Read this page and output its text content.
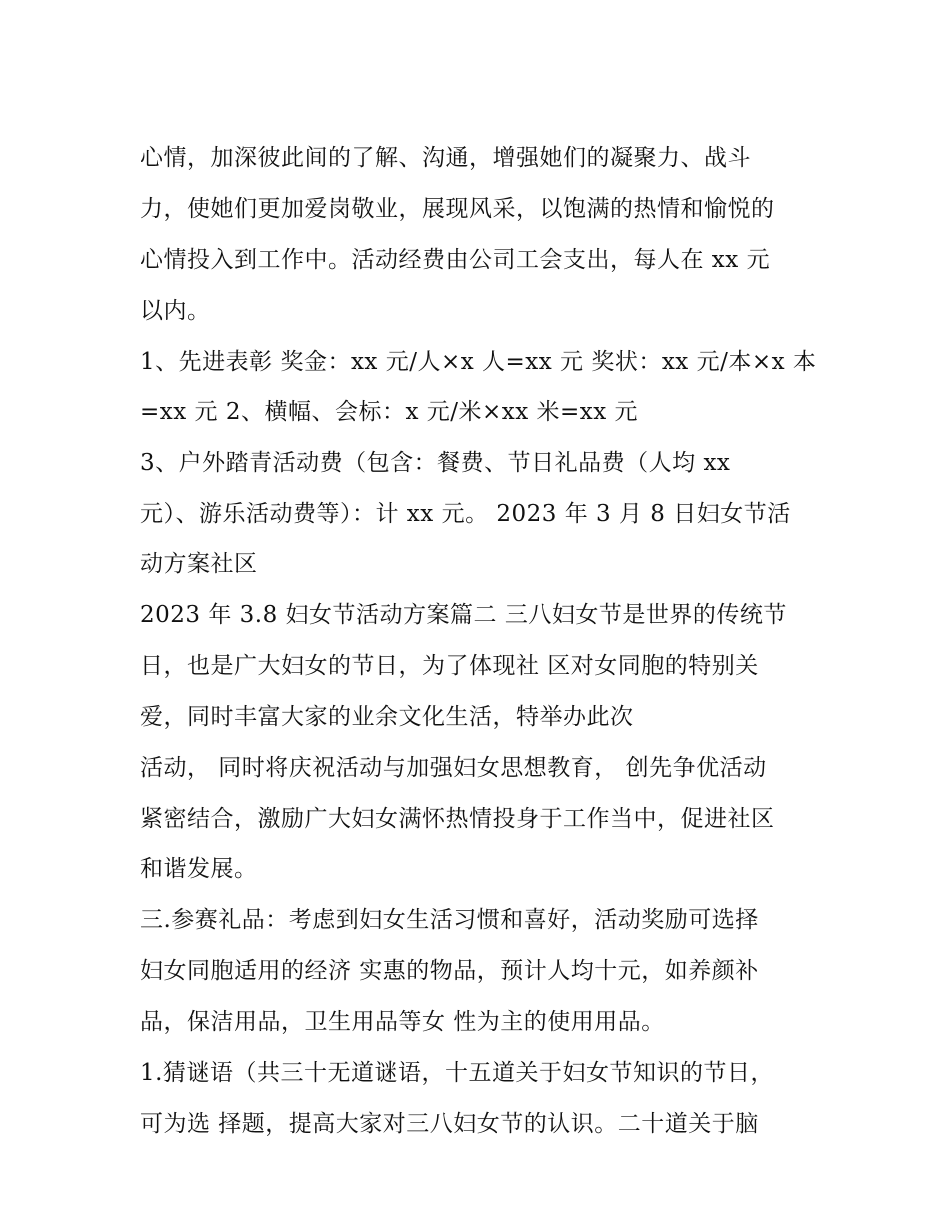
心情，加深彼此间的了解、沟通，增强她们的凝聚力、战斗
力，使她们更加爱岗敬业，展现风采，以饱满的热情和愉悦的
心情投入到工作中。活动经费由公司工会支出，每人在 xx 元
以内。
1、先进表彰 奖金：xx 元/人×x 人=xx 元 奖状：xx 元/本×x 本
=xx 元 2、横幅、会标：x 元/米×xx 米=xx 元
3、户外踏青活动费（包含：餐费、节日礼品费（人均 xx
元）、游乐活动费等）：计 xx 元。 2023 年 3 月 8 日妇女节活
动方案社区
2023 年 3.8 妇女节活动方案篇二 三八妇女节是世界的传统节
日，也是广大妇女的节日，为了体现社 区对女同胞的特别关
爱，同时丰富大家的业余文化生活，特举办此次
活动， 同时将庆祝活动与加强妇女思想教育， 创先争优活动
紧密结合，激励广大妇女满怀热情投身于工作当中，促进社区
和谐发展。
三.参赛礼品：考虑到妇女生活习惯和喜好，活动奖励可选择
妇女同胞适用的经济 实惠的物品，预计人均十元，如养颜补
品，保洁用品，卫生用品等女 性为主的使用用品。
1.猜谜语（共三十无道谜语，十五道关于妇女节知识的节日，
可为选 择题，提高大家对三八妇女节的认识。二十道关于脑
